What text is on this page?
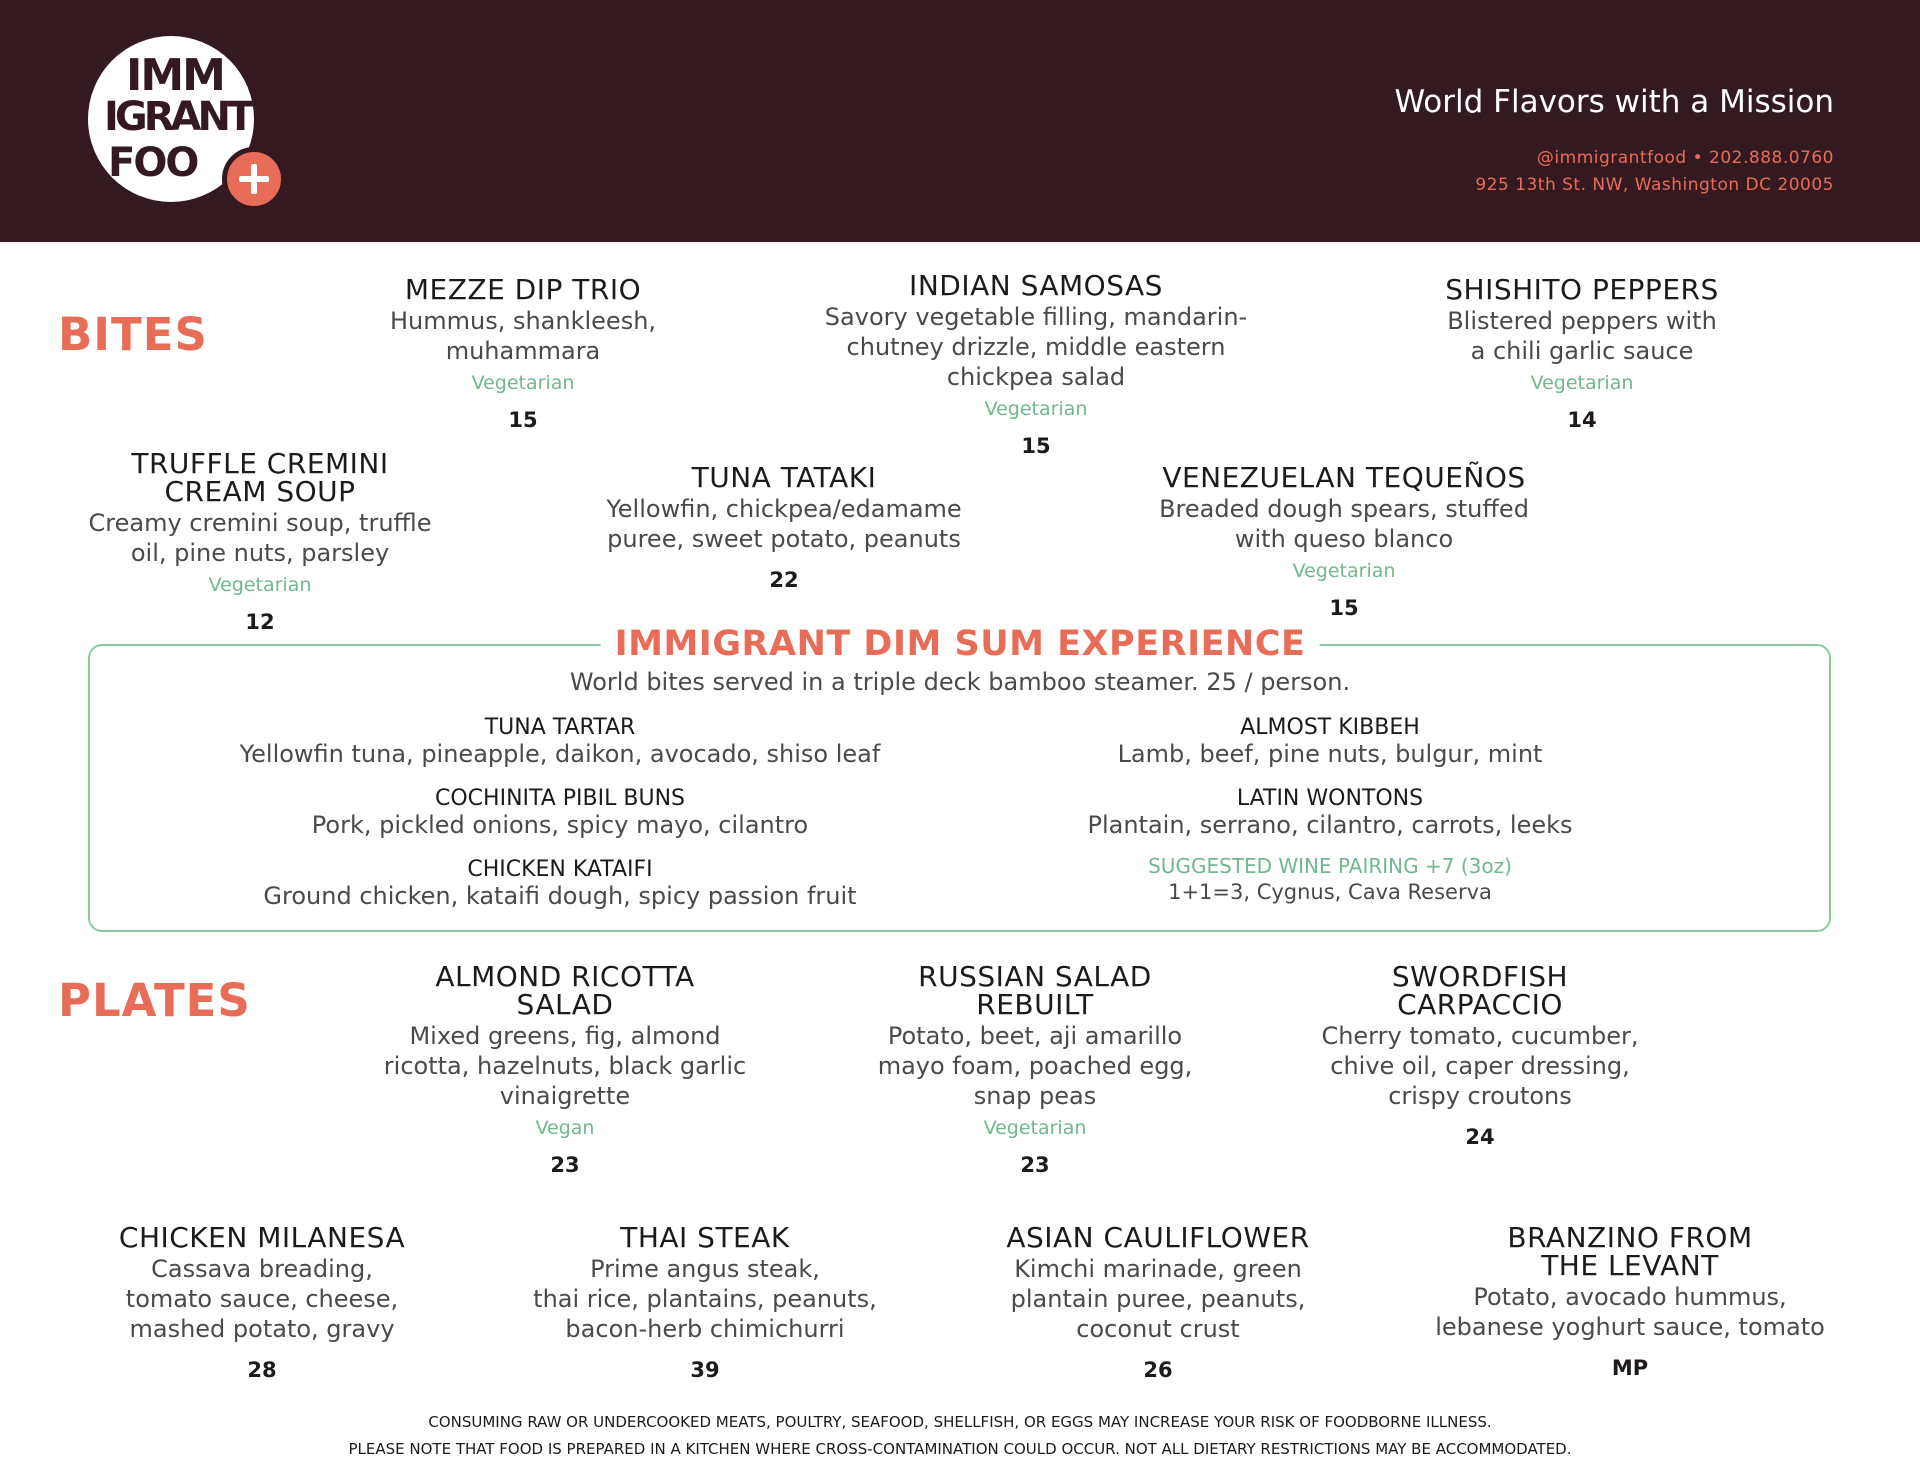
IMM
IGRANT
FOO
World Flavors with a Mission
@immigrantfood • 202.888.0760
925 13th St. NW, Washington DC 20005
BITES
MEZZE DIP TRIO
Hummus, shankleesh,
muhammara
Vegetarian
15
INDIAN SAMOSAS
Savory vegetable filling, mandarin-
chutney drizzle, middle eastern
chickpea salad
Vegetarian
15
SHISHITO PEPPERS
Blistered peppers with
a chili garlic sauce
Vegetarian
14
TRUFFLE CREMINI
CREAM SOUP
Creamy cremini soup, truffle
oil, pine nuts, parsley
Vegetarian
12
TUNA TATAKI
Yellowfin, chickpea/edamame
puree, sweet potato, peanuts
22
VENEZUELAN TEQUEÑOS
Breaded dough spears, stuffed
with queso blanco
Vegetarian
15
IMMIGRANT DIM SUM EXPERIENCE
World bites served in a triple deck bamboo steamer. 25 / person.
TUNA TARTAR
Yellowfin tuna, pineapple, daikon, avocado, shiso leaf
COCHINITA PIBIL BUNS
Pork, pickled onions, spicy mayo, cilantro
CHICKEN KATAIFI
Ground chicken, kataifi dough, spicy passion fruit
ALMOST KIBBEH
Lamb, beef, pine nuts, bulgur, mint
LATIN WONTONS
Plantain, serrano, cilantro, carrots, leeks
SUGGESTED WINE PAIRING +7 (3oz)
1+1=3, Cygnus, Cava Reserva
PLATES	ALMOND RICOTTA
SALAD
Mixed greens, fig, almond
ricotta, hazelnuts, black garlic
vinaigrette
Vegan
23
RUSSIAN SALAD
REBUILT
Potato, beet, aji amarillo
mayo foam, poached egg,
snap peas
Vegetarian
23
SWORDFISH
CARPACCIO
Cherry tomato, cucumber,
chive oil, caper dressing,
crispy croutons
24
CHICKEN MILANESA
Cassava breading,
tomato sauce, cheese,
mashed potato, gravy
28
THAI STEAK
Prime angus steak,
thai rice, plantains, peanuts,
bacon-herb chimichurri
39
ASIAN CAULIFLOWER
Kimchi marinade, green
plantain puree, peanuts,
coconut crust
26
BRANZINO FROM
THE LEVANT
Potato, avocado hummus,
lebanese yoghurt sauce, tomato
MP
CONSUMING RAW OR UNDERCOOKED MEATS, POULTRY, SEAFOOD, SHELLFISH, OR EGGS MAY INCREASE YOUR RISK OF FOODBORNE ILLNESS.
PLEASE NOTE THAT FOOD IS PREPARED IN A KITCHEN WHERE CROSS-CONTAMINATION COULD OCCUR. NOT ALL DIETARY RESTRICTIONS MAY BE ACCOMMODATED.
